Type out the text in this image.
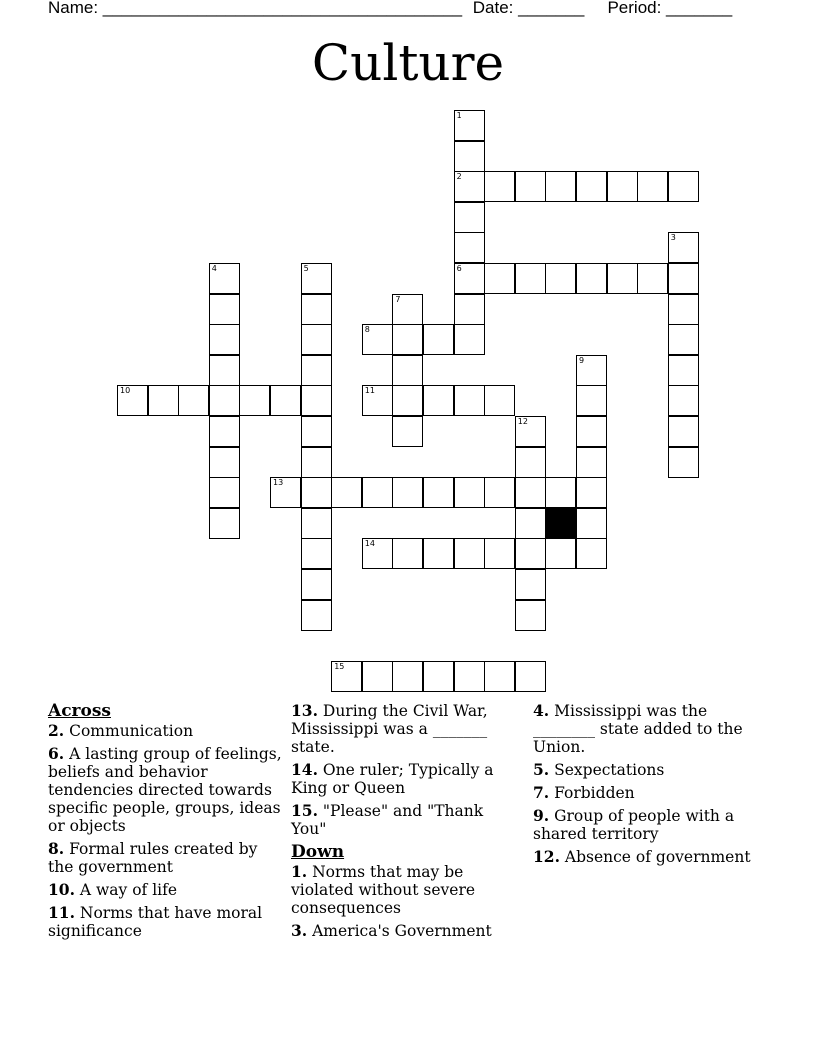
Name: ______________________________________ Date: _______ Period: _______
Culture
1
2
6
3
4	5
7
8
9
10	11
12
13
14
15
Across
2. Communication
6. A lasting group of feelings, beliefs and behavior tendencies directed towards specific people, groups, ideas or objects
8. Formal rules created by the government
10. A way of life
11. Norms that have moral significance
13. During the Civil War, Mississippi was a _______ state.
14. One ruler; Typically a King or Queen
15. "Please" and "Thank You"
Down
1. Norms that may be violated without severe consequences
3. America's Government
4. Mississippi was the ________ state added to the Union.
5. Sexpectations
7. Forbidden
9. Group of people with a shared territory
12. Absence of government
